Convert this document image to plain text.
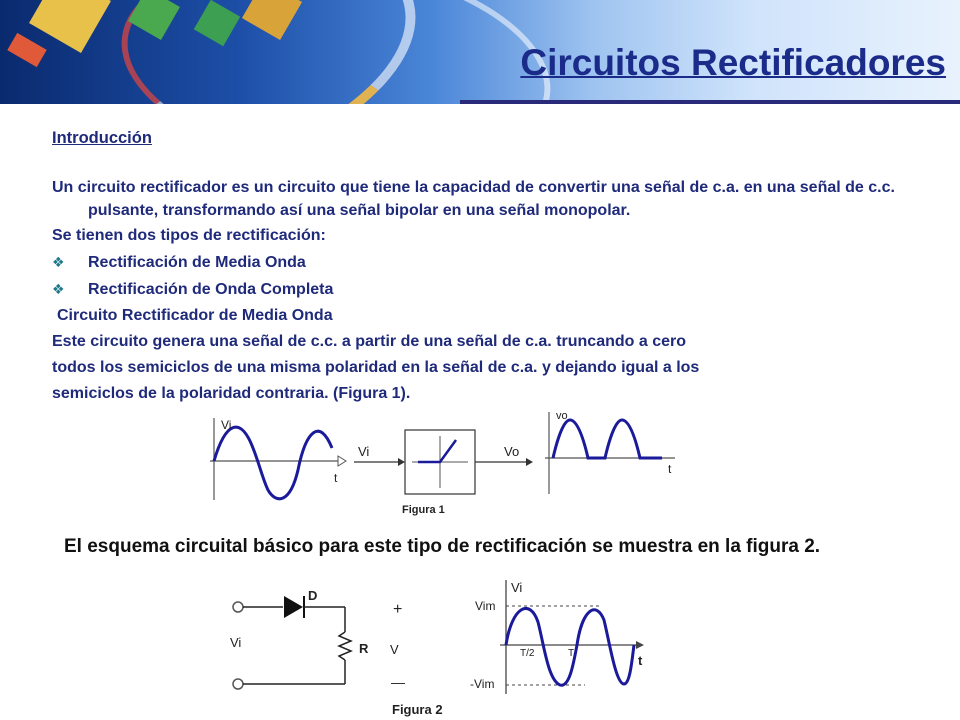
Circuitos Rectificadores
Introducción
Un circuito rectificador es un circuito que tiene la capacidad de convertir una señal de c.a. en una señal de c.c. pulsante, transformando así una señal bipolar en una señal monopolar.
Se tienen dos tipos de rectificación:
❖ Rectificación de Media Onda
❖ Rectificación de Onda Completa
Circuito Rectificador de Media Onda
Este circuito genera una señal de c.c. a partir de una señal de c.a. truncando a cero
todos los semiciclos de una misma polaridad en la señal de c.a. y dejando igual a los
semiciclos de la polaridad contraria. (Figura 1).
Vi
t
Vi	Vo
vo
t
Figura 1
D
R
Vi
+
V
—
Vi
Vim
-Vim
T/2	T	t
Figura 2
El esquema circuital básico para este tipo de rectificación se muestra en la figura 2.
